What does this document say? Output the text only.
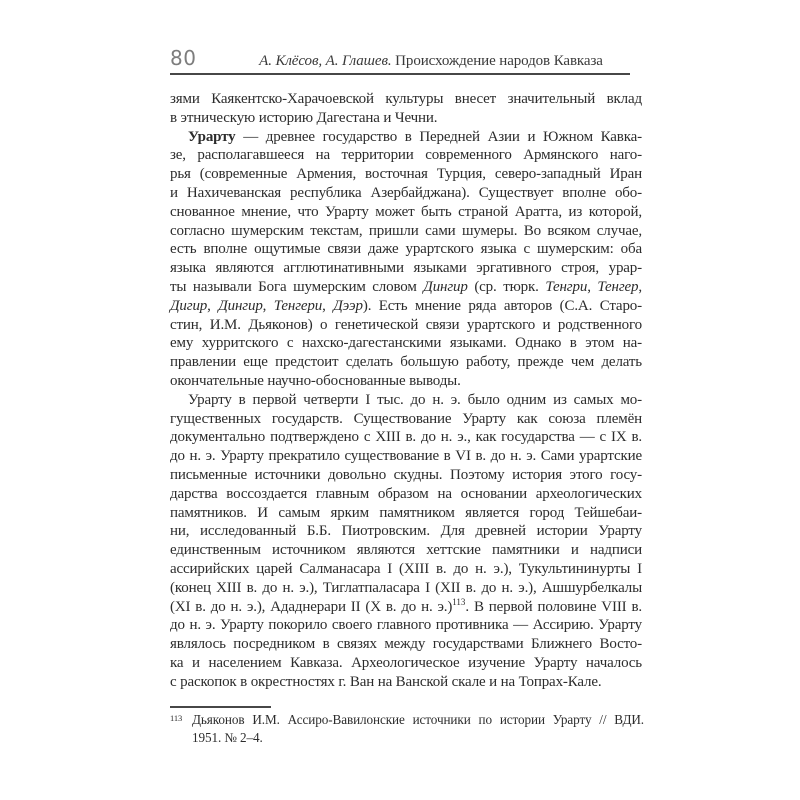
80	А. Клёсов, А. Глашев. Происхождение народов Кавказа
зями Каякентско-Харачоевской культуры внесет значительный вклад
в этническую историю Дагестана и Чечни.
Урарту — древнее государство в Передней Азии и Южном Кавка-
зе, располагавшееся на территории современного Армянского наго-
рья (современные Армения, восточная Турция, северо-западный Иран
и Нахичеванская республика Азербайджана). Существует вполне обо-
снованное мнение, что Урарту может быть страной Аратта, из которой,
согласно шумерским текстам, пришли сами шумеры. Во всяком случае,
есть вполне ощутимые связи даже урартского языка с шумерским: оба
языка являются агглютинативными языками эргативного строя, урар-
ты называли Бога шумерским словом Дингир (ср. тюрк. Тенгри, Тенгер,
Дигир, Дингир, Тенгери, Дээр). Есть мнение ряда авторов (С.А. Старо-
стин, И.М. Дьяконов) о генетической связи урартского и родственного
ему хурритского с нахско-дагестанскими языками. Однако в этом на-
правлении еще предстоит сделать большую работу, прежде чем делать
окончательные научно-обоснованные выводы.
Урарту в первой четверти I тыс. до н. э. было одним из самых мо-
гущественных государств. Существование Урарту как союза племён
документально подтверждено с XIII в. до н. э., как государства — с IX в.
до н. э. Урарту прекратило существование в VI в. до н. э. Сами урартские
письменные источники довольно скудны. Поэтому история этого госу-
дарства воссоздается главным образом на основании археологических
памятников. И самым ярким памятником является город Тейшебаи-
ни, исследованный Б.Б. Пиотровским. Для древней истории Урарту
единственным источником являются хеттские памятники и надписи
ассирийских царей Салманасара I (XIII в. до н. э.), Тукультининурты I
(конец XIII в. до н. э.), Тиглатпаласара I (XII в. до н. э.), Ашшурбелкалы
(XI в. до н. э.), Ададнерари II (X в. до н. э.)$^{113}$. В первой половине VIII в.
до н. э. Урарту покорило своего главного противника — Ассирию. Урарту
являлось посредником в связях между государствами Ближнего Восто-
ка и населением Кавказа. Археологическое изучение Урарту началось
с раскопок в окрестностях г. Ван на Ванской скале и на Топрах-Кале.
113 Дьяконов И.М. Ассиро-Вавилонские источники по истории Урарту // ВДИ.
1951. № 2–4.
